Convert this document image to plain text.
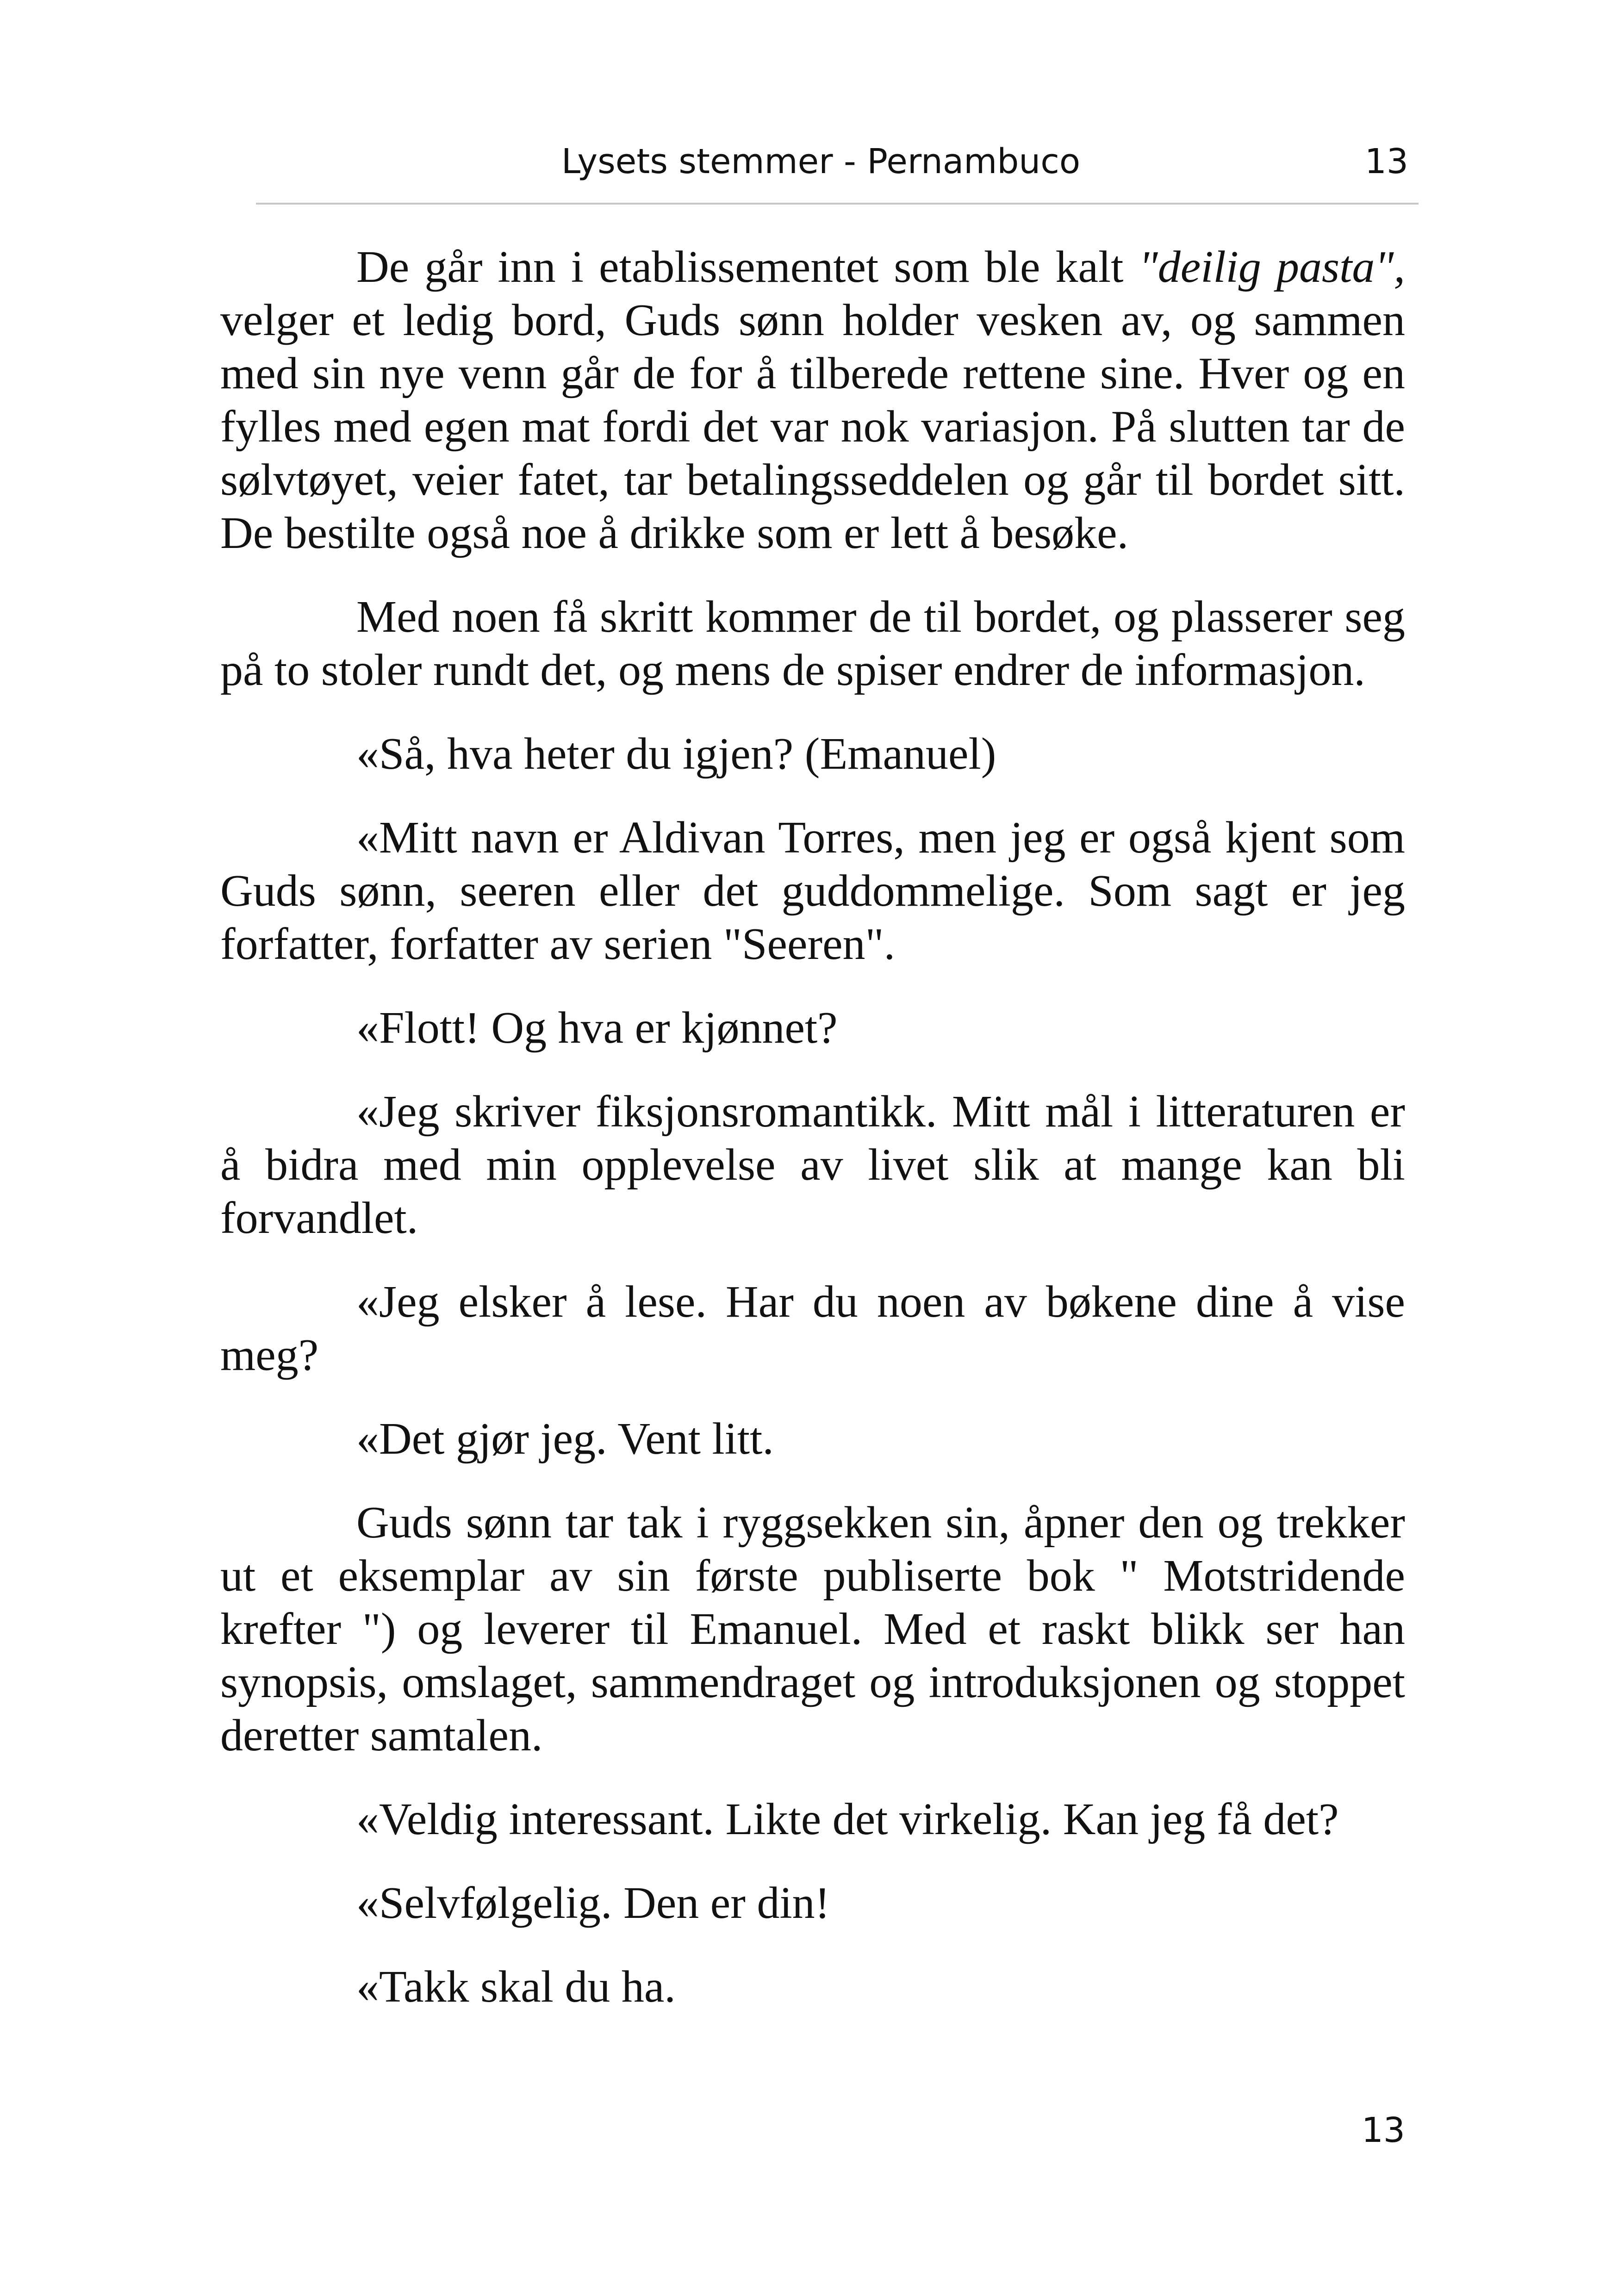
Lysets stemmer - Pernambuco	13

De går inn i etablissementet som ble kalt "deilig pasta", velger et ledig bord, Guds sønn holder vesken av, og sammen med sin nye venn går de for å tilberede rettene sine. Hver og en fylles med egen mat fordi det var nok variasjon. På slutten tar de sølvtøyet, veier fatet, tar betalingsseddelen og går til bordet sitt. De bestilte også noe å drikke som er lett å besøke.

Med noen få skritt kommer de til bordet, og plasserer seg på to stoler rundt det, og mens de spiser endrer de informasjon.

«Så, hva heter du igjen? (Emanuel)

«Mitt navn er Aldivan Torres, men jeg er også kjent som Guds sønn, seeren eller det guddommelige. Som sagt er jeg forfatter, forfatter av serien "Seeren".

«Flott! Og hva er kjønnet?

«Jeg skriver fiksjonsromantikk. Mitt mål i litteraturen er å bidra med min opplevelse av livet slik at mange kan bli forvandlet.

«Jeg elsker å lese. Har du noen av bøkene dine å vise meg?

«Det gjør jeg. Vent litt.

Guds sønn tar tak i ryggsekken sin, åpner den og trekker ut et eksemplar av sin første publiserte bok " Motstridende krefter ") og leverer til Emanuel. Med et raskt blikk ser han synopsis, omslaget, sammendraget og introduksjonen og stoppet deretter samtalen.

«Veldig interessant. Likte det virkelig. Kan jeg få det?

«Selvfølgelig. Den er din!

«Takk skal du ha.

13
